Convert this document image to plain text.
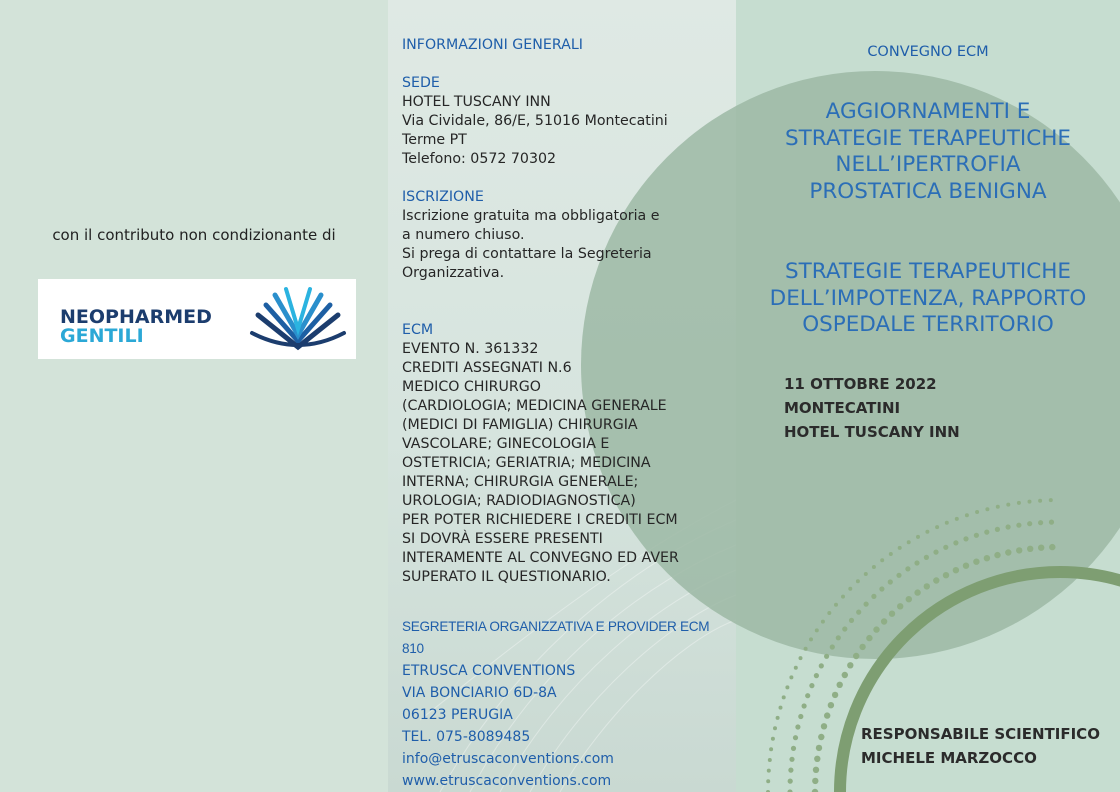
con il contributo non condizionante di
NEOPHARMED
GENTILI

INFORMAZIONI GENERALI

SEDE

HOTEL TUSCANY INN

Via Cividale, 86/E, 51016 Montecatini

Terme PT

Telefono: 0572 70302

ISCRIZIONE

Iscrizione gratuita ma obbligatoria e

a numero chiuso.

Si prega di contattare la Segreteria

Organizzativa.

ECM

EVENTO N. 361332

CREDITI ASSEGNATI N.6

MEDICO CHIRURGO

(CARDIOLOGIA; MEDICINA GENERALE

(MEDICI DI FAMIGLIA) CHIRURGIA

VASCOLARE; GINECOLOGIA E

OSTETRICIA; GERIATRIA; MEDICINA

INTERNA; CHIRURGIA GENERALE;

UROLOGIA; RADIODIAGNOSTICA)

PER POTER RICHIEDERE I CREDITI ECM

SI DOVRÀ ESSERE PRESENTI

INTERAMENTE AL CONVEGNO ED AVER

SUPERATO IL QUESTIONARIO.

SEGRETERIA ORGANIZZATIVA E PROVIDER ECM 810

ETRUSCA CONVENTIONS

VIA BONCIARIO 6D-8A

06123 PERUGIA

TEL. 075-8089485

info@etruscaconventions.com

www.etruscaconventions.com

CONVEGNO ECM
AGGIORNAMENTI E
STRATEGIE TERAPEUTICHE
NELL’IPERTROFIA
PROSTATICA BENIGNA
STRATEGIE TERAPEUTICHE
DELL’IMPOTENZA, RAPPORTO
OSPEDALE TERRITORIO
11 OTTOBRE 2022
MONTECATINI
HOTEL TUSCANY INN
RESPONSABILE SCIENTIFICO
MICHELE MARZOCCO
